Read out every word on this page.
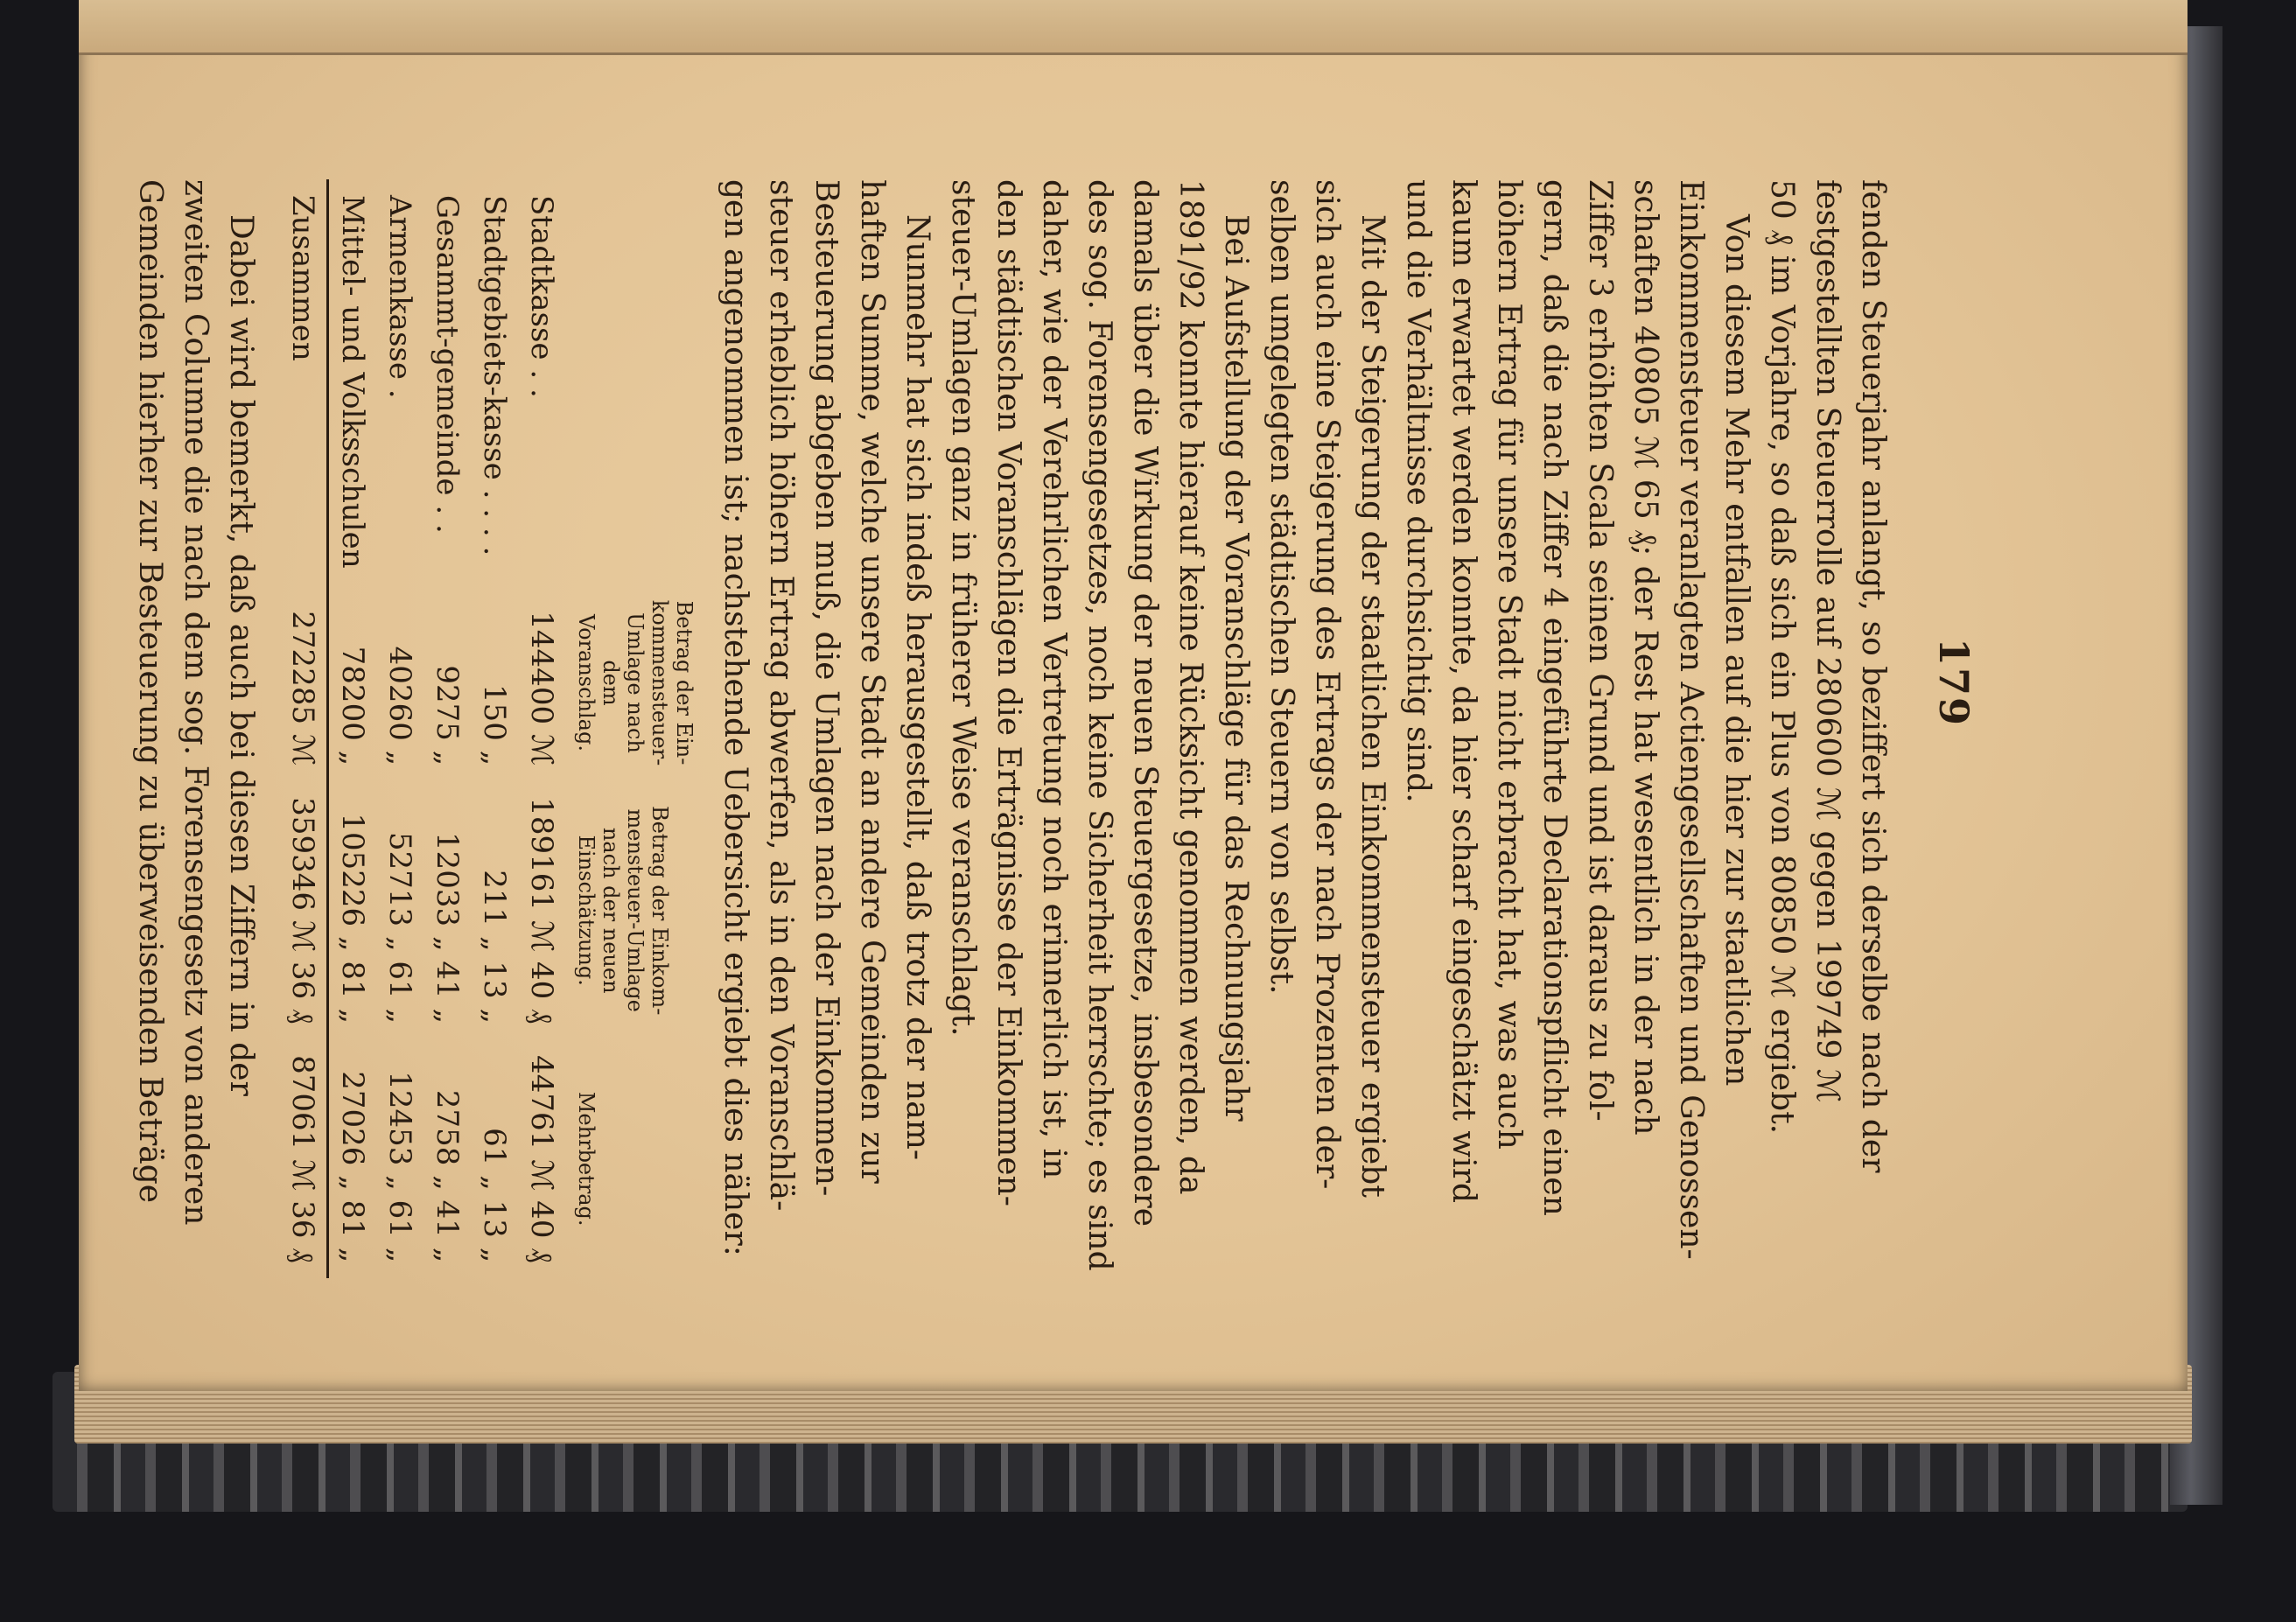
179
fenden Steuerjahr anlangt, so beziffert sich derselbe nach der
festgestellten Steuerrolle auf 280600 ℳ gegen 199749 ℳ
50 ₰ im Vorjahre, so daß sich ein Plus von 80850 ℳ ergiebt.
Von diesem Mehr entfallen auf die hier zur staatlichen
Einkommensteuer veranlagten Actiengesellschaften und Genossen-
schaften 40805 ℳ 65 ₰; der Rest hat wesentlich in der nach
Ziffer 3 erhöhten Scala seinen Grund und ist daraus zu fol-
gern, daß die nach Ziffer 4 eingeführte Declarationspflicht einen
höhern Ertrag für unsere Stadt nicht erbracht hat, was auch
kaum erwartet werden konnte, da hier scharf eingeschätzt wird
und die Verhältnisse durchsichtig sind.
Mit der Steigerung der staatlichen Einkommensteuer ergiebt
sich auch eine Steigerung des Ertrags der nach Prozenten der-
selben umgelegten städtischen Steuern von selbst.
Bei Aufstellung der Voranschläge für das Rechnungsjahr
1891/92 konnte hierauf keine Rücksicht genommen werden, da
damals über die Wirkung der neuen Steuergesetze, insbesondere
des sog. Forensengesetzes, noch keine Sicherheit herrschte; es sind
daher, wie der Verehrlichen Vertretung noch erinnerlich ist, in
den städtischen Voranschlägen die Erträgnisse der Einkommen-
steuer-Umlagen ganz in früherer Weise veranschlagt.
Nunmehr hat sich indeß herausgestellt, daß trotz der nam-
haften Summe, welche unsere Stadt an andere Gemeinden zur
Besteuerung abgeben muß, die Umlagen nach der Einkommen-
steuer erheblich höhern Ertrag abwerfen, als in den Voranschlä-
gen angenommen ist; nachstehende Uebersicht ergiebt dies näher:
	Betrag der Ein-kommensteuer-Umlage nach dem Voranschlag.	Betrag der Einkom-mensteuer-Umlage nach der neuen Einschätzung.	Mehrbetrag.
Stadtkasse . .	144400 ℳ	189161 ℳ 40 ₰	44761 ℳ 40 ₰
Stadtgebiets-kasse . . . .	150 „	211 „ 13 „	61 „ 13 „
Gesammt-gemeinde . .	9275 „	12033 „ 41 „	2758 „ 41 „
Armenkasse .	40260 „	52713 „ 61 „	12453 „ 61 „
Mittel- und Volksschulen	78200 „	105226 „ 81 „	27026 „ 81 „
Zusammen	272285 ℳ	359346 ℳ 36 ₰	87061 ℳ 36 ₰
Dabei wird bemerkt, daß auch bei diesen Ziffern in der
zweiten Columne die nach dem sog. Forensengesetz von anderen
Gemeinden hierher zur Besteuerung zu überweisenden Beträge
